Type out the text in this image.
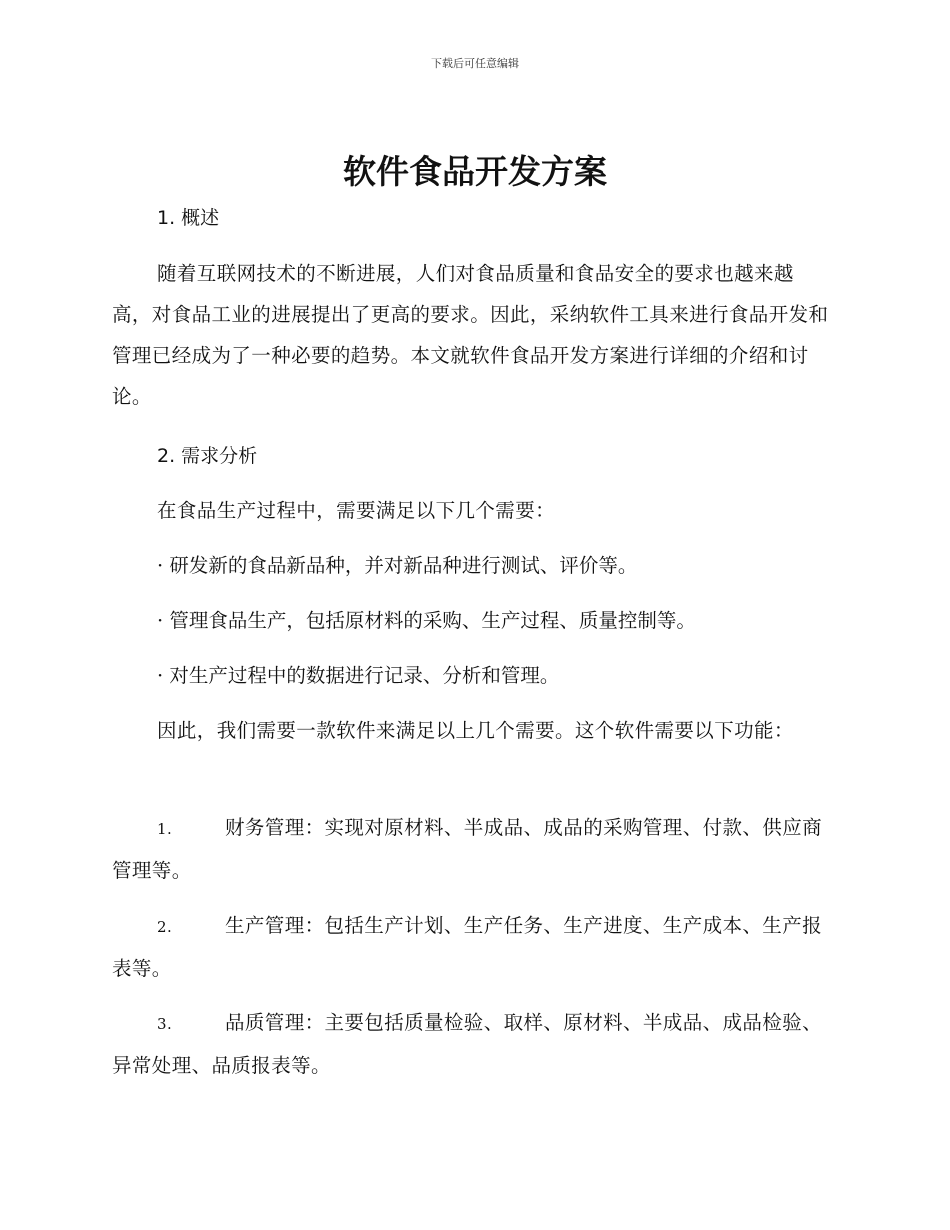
下载后可任意编辑
软件食品开发方案
1. 概述

随着互联网技术的不断进展，人们对食品质量和食品安全的要求也越来越高，对食品工业的进展提出了更高的要求。因此，采纳软件工具来进行食品开发和管理已经成为了一种必要的趋势。本文就软件食品开发方案进行详细的介绍和讨论。

2. 需求分析

在食品生产过程中，需要满足以下几个需要：

· 研发新的食品新品种，并对新品种进行测试、评价等。

· 管理食品生产，包括原材料的采购、生产过程、质量控制等。

· 对生产过程中的数据进行记录、分析和管理。

因此，我们需要一款软件来满足以上几个需要。这个软件需要以下功能：

1.	财务管理：实现对原材料、半成品、成品的采购管理、付款、供应商管理等。

2.	生产管理：包括生产计划、生产任务、生产进度、生产成本、生产报表等。

3.	品质管理：主要包括质量检验、取样、原材料、半成品、成品检验、异常处理、品质报表等。
